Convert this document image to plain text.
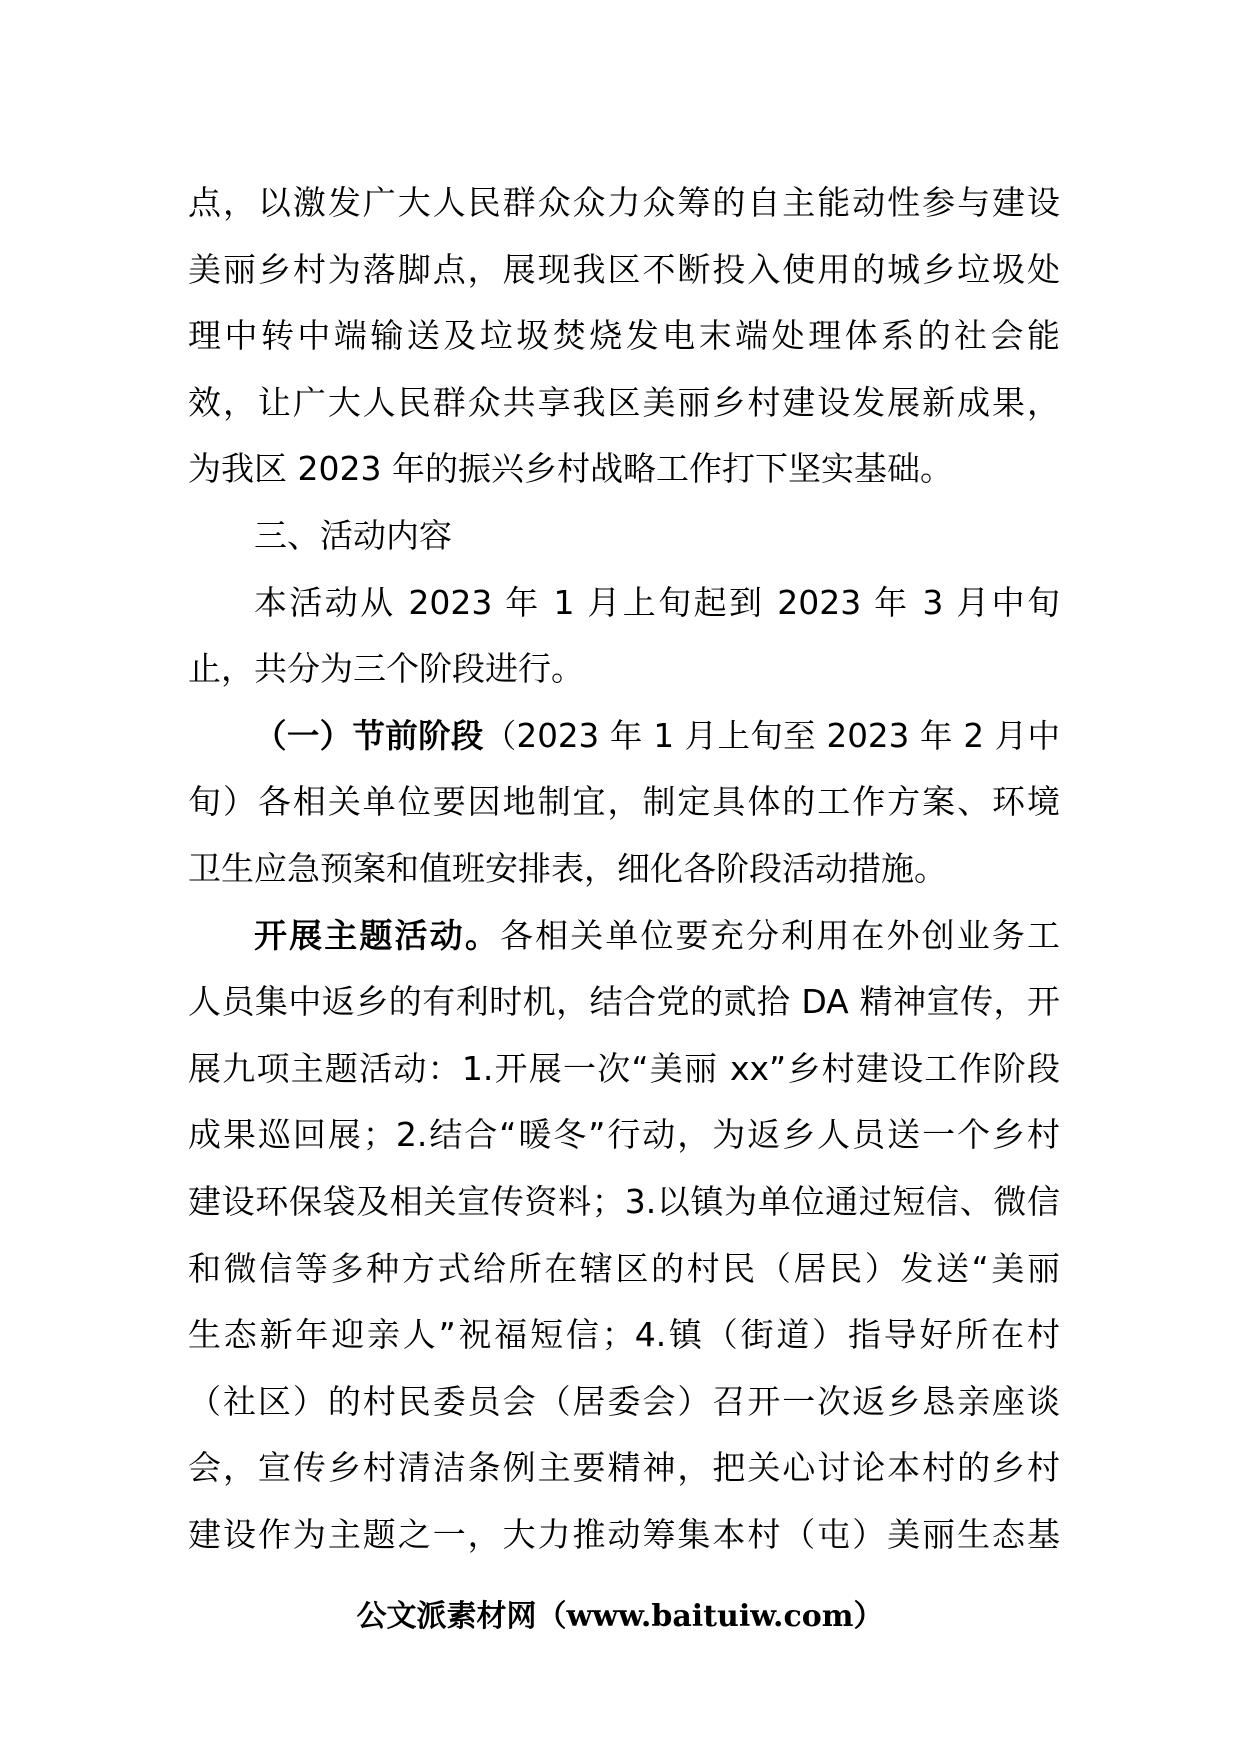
点，以激发广大人民群众众力众筹的自主能动性参与建设
美丽乡村为落脚点，展现我区不断投入使用的城乡垃圾处
理中转中端输送及垃圾焚烧发电末端处理体系的社会能
效，让广大人民群众共享我区美丽乡村建设发展新成果，
为我区 2023 年的振兴乡村战略工作打下坚实基础。
三、活动内容
本活动从 2023 年 1 月上旬起到 2023 年 3 月中旬
止，共分为三个阶段进行。
（一）节前阶段（2023 年 1 月上旬至 2023 年 2 月中
旬）各相关单位要因地制宜，制定具体的工作方案、环境
卫生应急预案和值班安排表，细化各阶段活动措施。
开展主题活动。各相关单位要充分利用在外创业务工
人员集中返乡的有利时机，结合党的贰拾 DA 精神宣传，开
展九项主题活动：1.开展一次“美丽 xx”乡村建设工作阶段
成果巡回展；2.结合“暖冬”行动，为返乡人员送一个乡村
建设环保袋及相关宣传资料；3.以镇为单位通过短信、微信
和微信等多种方式给所在辖区的村民（居民）发送“美丽
生态新年迎亲人”祝福短信；4.镇（街道）指导好所在村
（社区）的村民委员会（居委会）召开一次返乡恳亲座谈
会，宣传乡村清洁条例主要精神，把关心讨论本村的乡村
建设作为主题之一，大力推动筹集本村（屯）美丽生态基
公文派素材网（www.baituiw.com）
